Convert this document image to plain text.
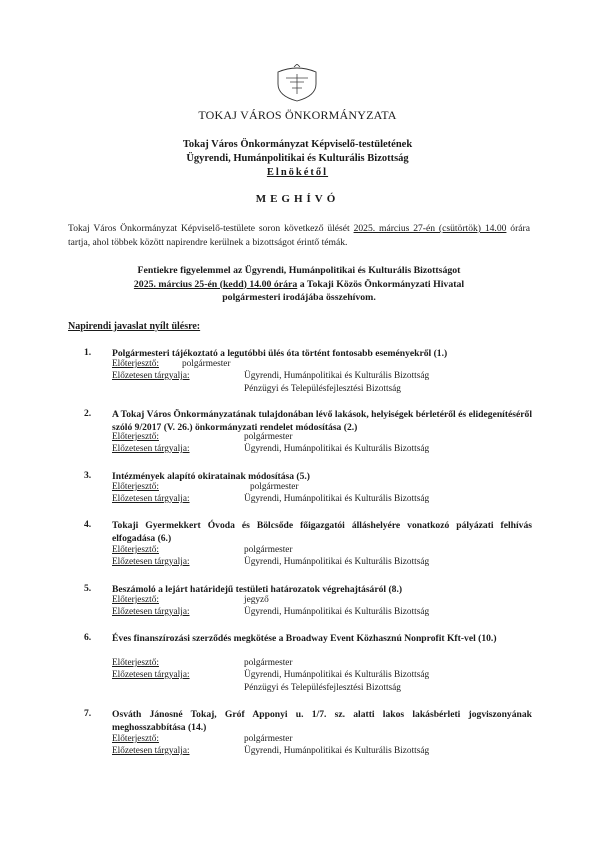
TOKAJ VÁROS ÖNKORMÁNYZATA
Tokaj Város Önkormányzat Képviselő-testületének
Ügyrendi, Humánpolitikai és Kulturális Bizottság
Elnökétől
MEGHÍVÓ
Tokaj Város Önkormányzat Képviselő-testülete soron következő ülését 2025. március 27-én (csütörtök) 14.00 órára tartja, ahol többek között napirendre kerülnek a bizottságot érintő témák.
Fentiekre figyelemmel az Ügyrendi, Humánpolitikai és Kulturális Bizottságot
2025. március 25-én (kedd) 14.00 órára a Tokaji Közös Önkormányzati Hivatal
polgármesteri irodájába összehívom.
Napirendi javaslat nyílt ülésre:
1. Polgármesteri tájékoztató a legutóbbi ülés óta történt fontosabb eseményekről (1.)
Előterjesztő: polgármester
Előzetesen tárgyalja:	Ügyrendi, Humánpolitikai és Kulturális Bizottság
Pénzügyi és Településfejlesztési Bizottság
2. A Tokaj Város Önkormányzatának tulajdonában lévő lakások, helyiségek bérletéről és elidegenítéséről szóló 9/2017 (V. 26.) önkormányzati rendelet módosítása (2.)
Előterjesztő:	polgármester
Előzetesen tárgyalja:	Ügyrendi, Humánpolitikai és Kulturális Bizottság
3. Intézmények alapító okiratainak módosítása (5.)
Előterjesztő:	polgármester
Előzetesen tárgyalja:	Ügyrendi, Humánpolitikai és Kulturális Bizottság
4. Tokaji Gyermekkert Óvoda és Bölcsőde főigazgatói álláshelyére vonatkozó pályázati felhívás elfogadása (6.)
Előterjesztő:	polgármester
Előzetesen tárgyalja:	Ügyrendi, Humánpolitikai és Kulturális Bizottság
5. Beszámoló a lejárt határidejű testületi határozatok végrehajtásáról (8.)
Előterjesztő:	jegyző
Előzetesen tárgyalja:	Ügyrendi, Humánpolitikai és Kulturális Bizottság
6. Éves finanszírozási szerződés megkötése a Broadway Event Közhasznú Nonprofit Kft-vel (10.)
Előterjesztő:	polgármester
Előzetesen tárgyalja:	Ügyrendi, Humánpolitikai és Kulturális Bizottság
Pénzügyi és Településfejlesztési Bizottság
7. Osváth Jánosné Tokaj, Gróf Apponyi u. 1/7. sz. alatti lakos lakásbérleti jogviszonyának meghosszabbítása (14.)
Előterjesztő:	polgármester
Előzetesen tárgyalja:	Ügyrendi, Humánpolitikai és Kulturális Bizottság
